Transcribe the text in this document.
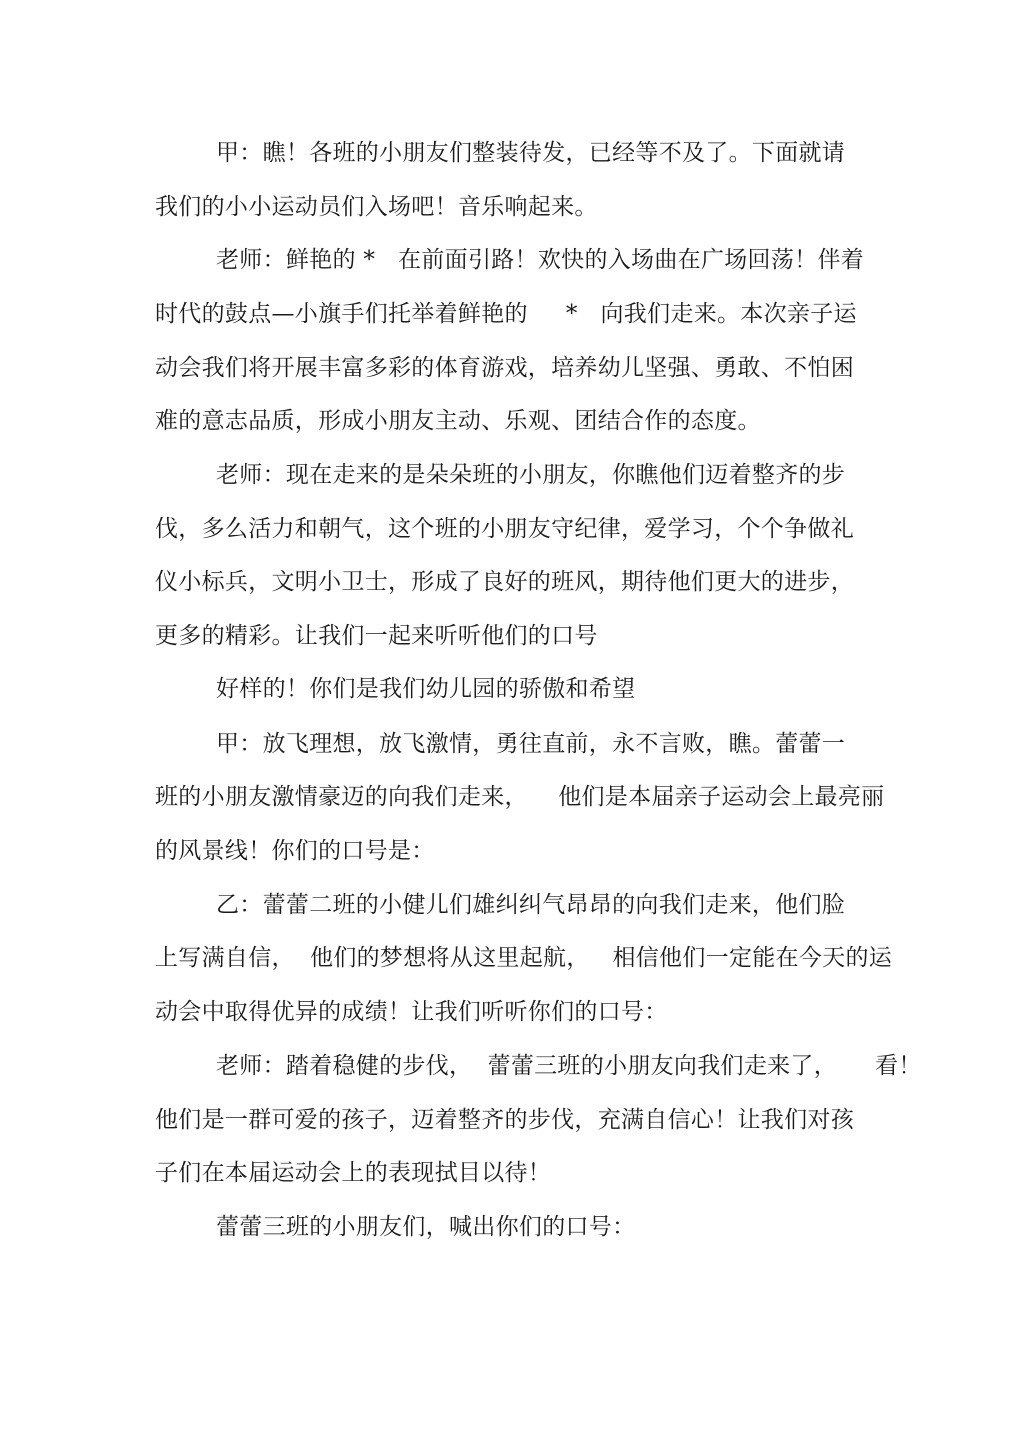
甲：瞧！各班的小朋友们整装待发，已经等不及了。下面就请
我们的小小运动员们入场吧！音乐响起来。
老师：鲜艳的 *   在前面引路！欢快的入场曲在广场回荡！伴着
时代的鼓点—小旗手们托举着鲜艳的     *   向我们走来。本次亲子运
动会我们将开展丰富多彩的体育游戏，培养幼儿坚强、勇敢、不怕困
难的意志品质，形成小朋友主动、乐观、团结合作的态度。
老师：现在走来的是朵朵班的小朋友，你瞧他们迈着整齐的步
伐，多么活力和朝气，这个班的小朋友守纪律，爱学习，个个争做礼
仪小标兵，文明小卫士，形成了良好的班风，期待他们更大的进步，
更多的精彩。让我们一起来听听他们的口号
好样的！你们是我们幼儿园的骄傲和希望
甲：放飞理想，放飞激情，勇往直前，永不言败，瞧。蕾蕾一
班的小朋友激情豪迈的向我们走来，    他们是本届亲子运动会上最亮丽
的风景线！你们的口号是：
乙：蕾蕾二班的小健儿们雄纠纠气昂昂的向我们走来，他们脸
上写满自信，  他们的梦想将从这里起航，   相信他们一定能在今天的运
动会中取得优异的成绩！让我们听听你们的口号：
老师：踏着稳健的步伐，  蕾蕾三班的小朋友向我们走来了，     看！
他们是一群可爱的孩子，迈着整齐的步伐，充满自信心！让我们对孩
子们在本届运动会上的表现拭目以待！
蕾蕾三班的小朋友们，喊出你们的口号：
